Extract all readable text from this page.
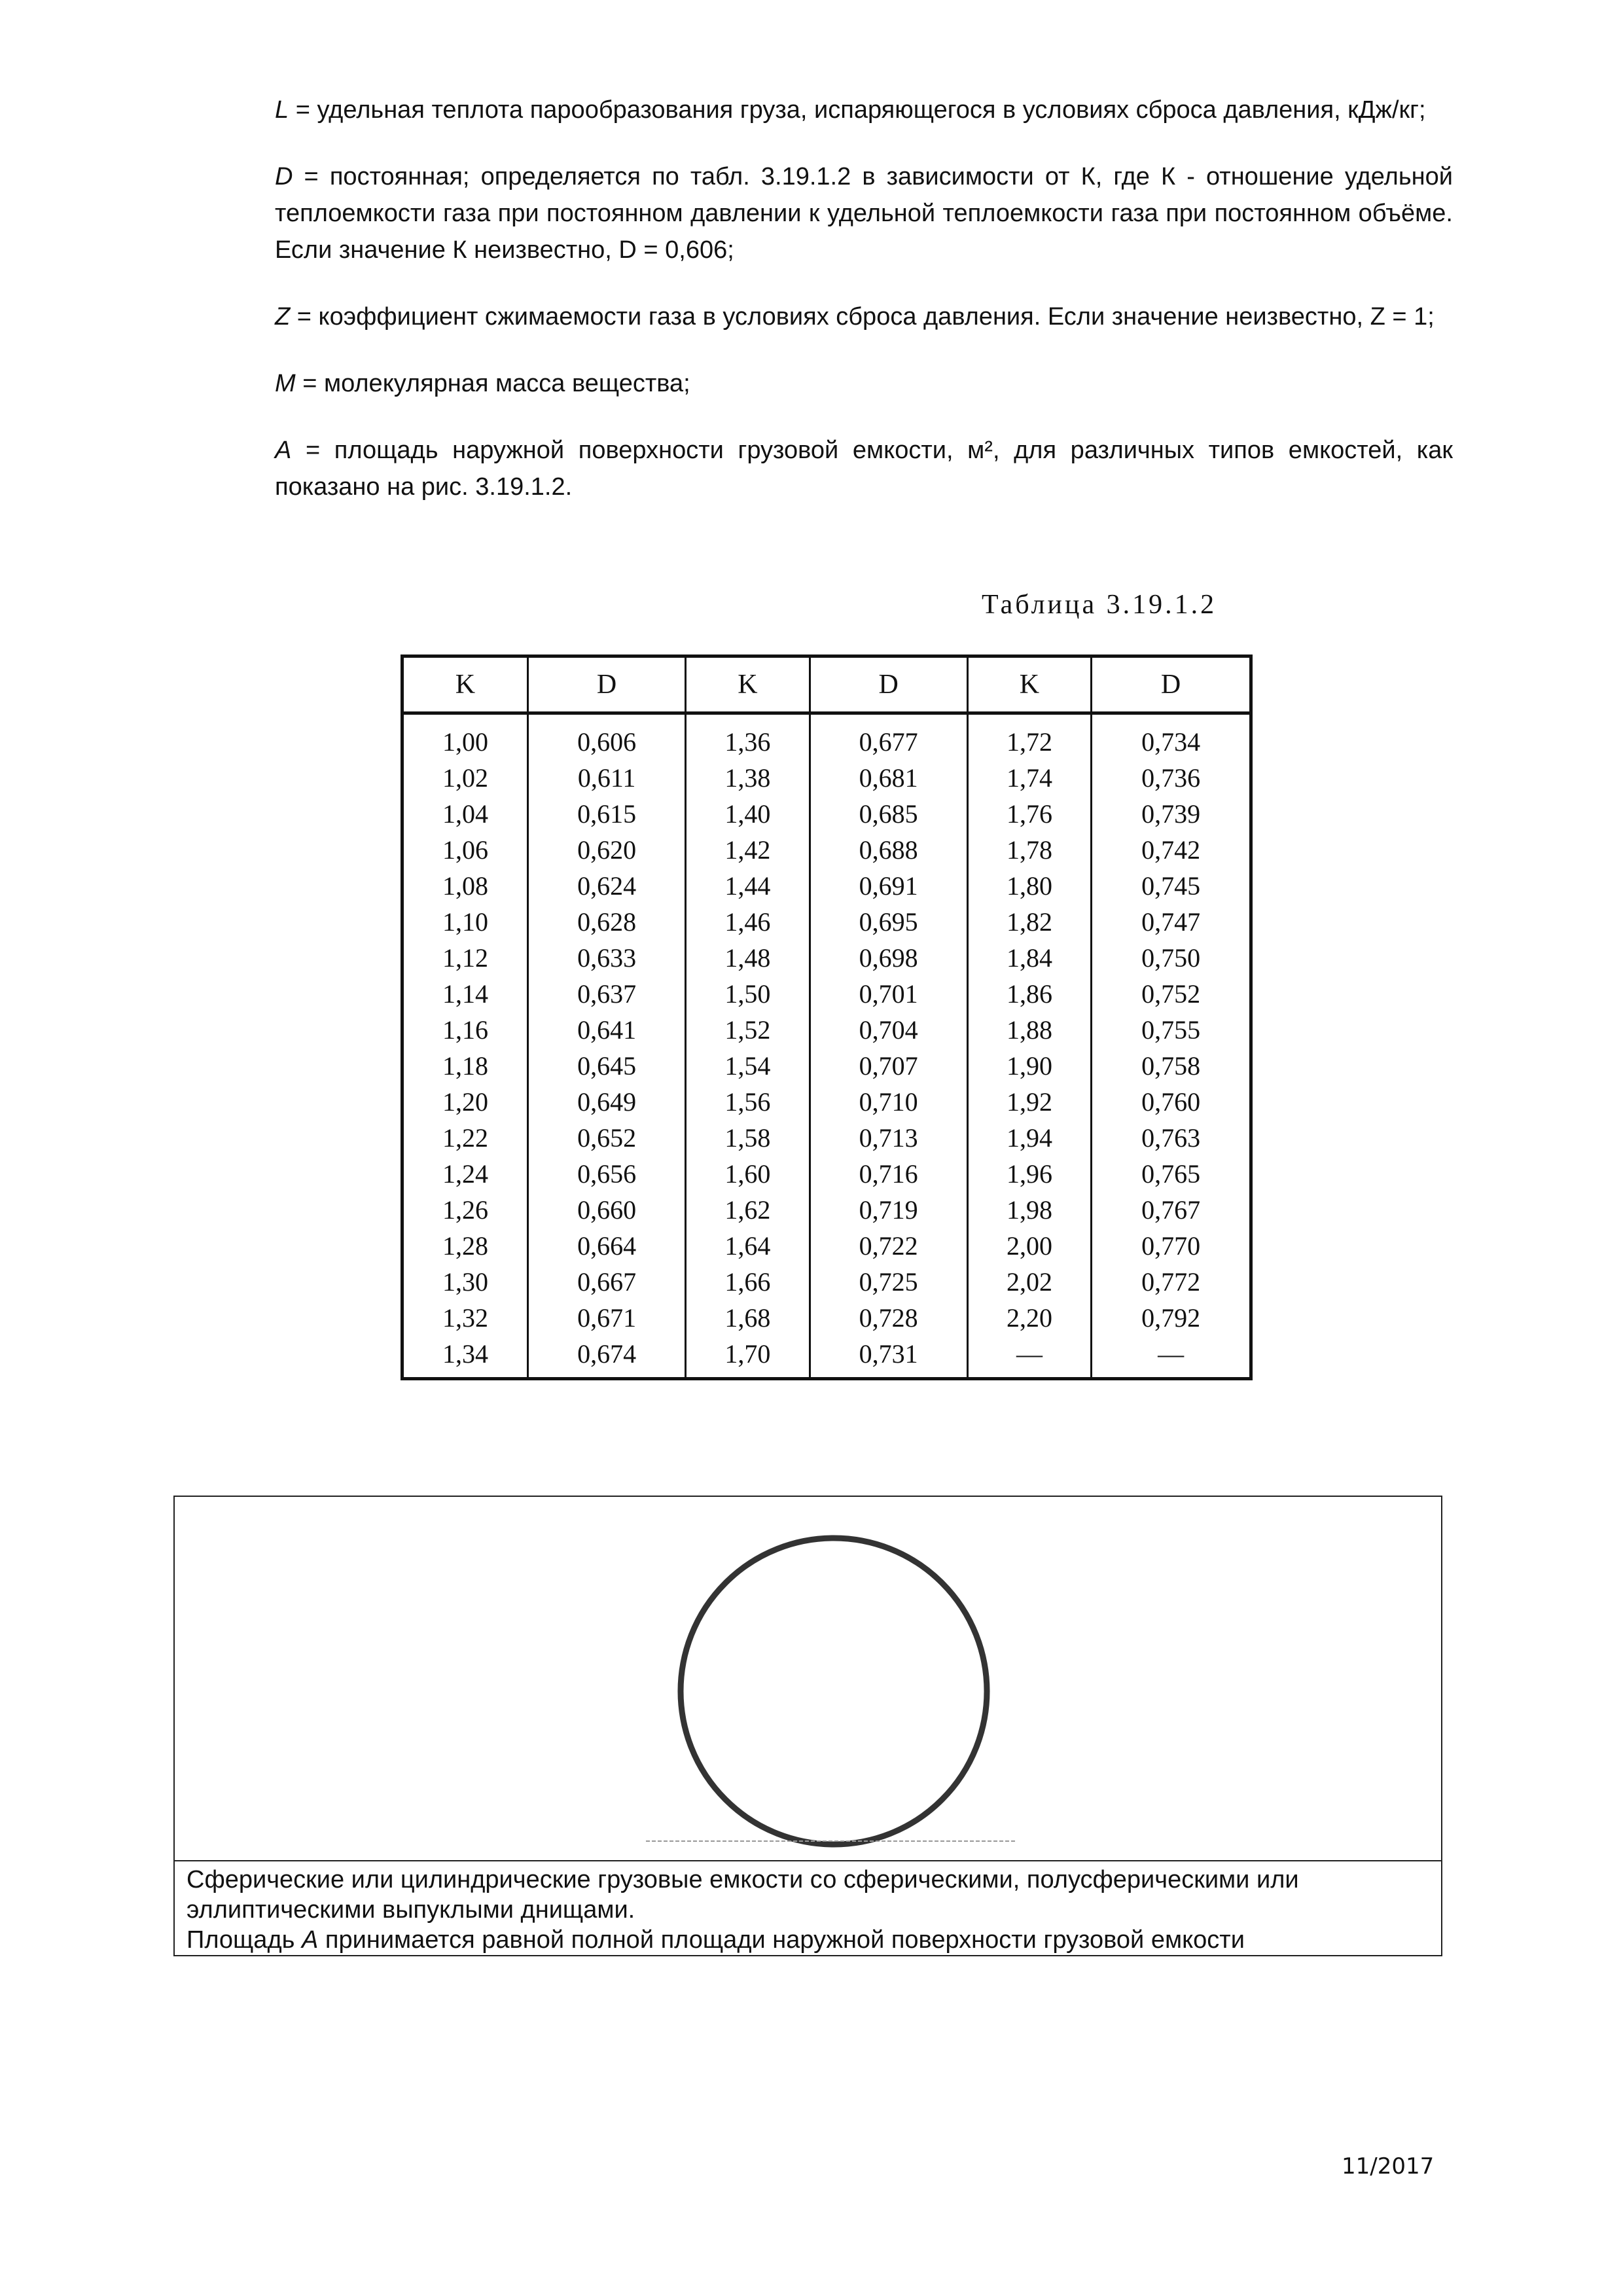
L = удельная теплота парообразования груза, испаряющегося в условиях сброса давления, кДж/кг;

D = постоянная; определяется по табл. 3.19.1.2 в зависимости от К, где К - отношение удельной теплоемкости газа при постоянном давлении к удельной теплоемкости газа при постоянном объёме. Если значение К неизвестно, D = 0,606;

Z = коэффициент сжимаемости газа в условиях сброса давления. Если значение неизвестно, Z = 1;

M = молекулярная масса вещества;

A = площадь наружной поверхности грузовой емкости, м², для различных типов емкостей, как показано на рис. 3.19.1.2.

Таблица 3.19.1.2
K	D	K	D	K	D
1,00	0,606	1,36	0,677	1,72	0,734
1,02	0,611	1,38	0,681	1,74	0,736
1,04	0,615	1,40	0,685	1,76	0,739
1,06	0,620	1,42	0,688	1,78	0,742
1,08	0,624	1,44	0,691	1,80	0,745
1,10	0,628	1,46	0,695	1,82	0,747
1,12	0,633	1,48	0,698	1,84	0,750
1,14	0,637	1,50	0,701	1,86	0,752
1,16	0,641	1,52	0,704	1,88	0,755
1,18	0,645	1,54	0,707	1,90	0,758
1,20	0,649	1,56	0,710	1,92	0,760
1,22	0,652	1,58	0,713	1,94	0,763
1,24	0,656	1,60	0,716	1,96	0,765
1,26	0,660	1,62	0,719	1,98	0,767
1,28	0,664	1,64	0,722	2,00	0,770
1,30	0,667	1,66	0,725	2,02	0,772
1,32	0,671	1,68	0,728	2,20	0,792
1,34	0,674	1,70	0,731	—	—
Сферические или цилиндрические грузовые емкости со сферическими, полусферическими или эллиптическими выпуклыми днищами.
Площадь A принимается равной полной площади наружной поверхности грузовой емкости
11/2017
